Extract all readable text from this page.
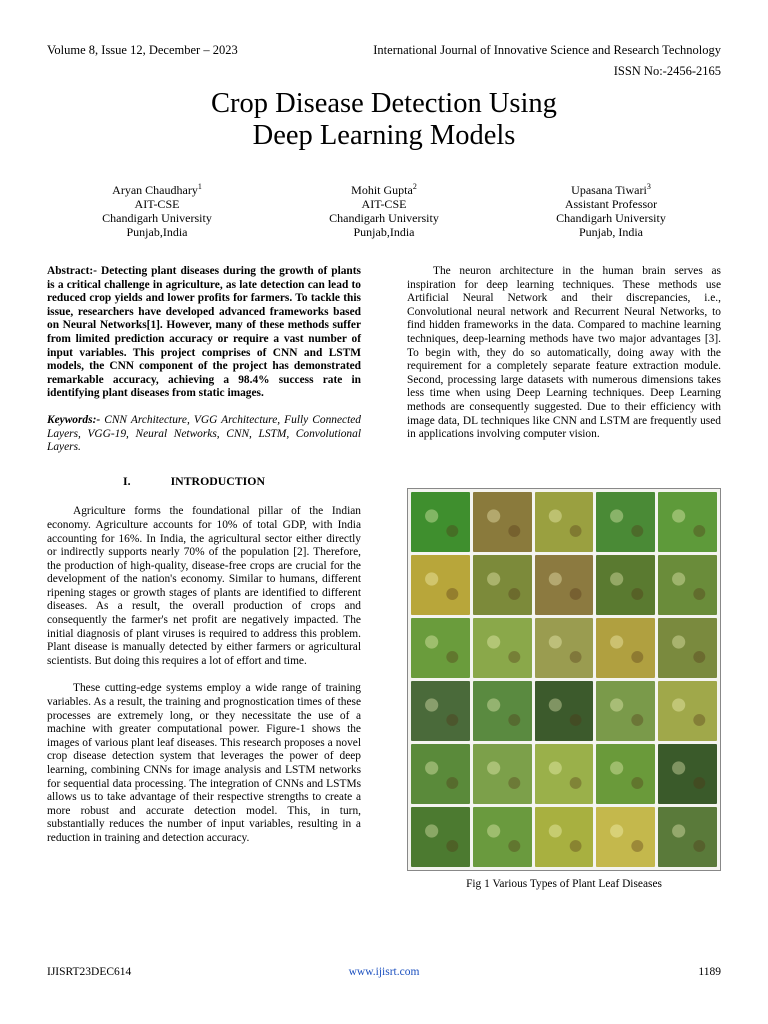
Volume 8, Issue 12, December – 2023	International Journal of Innovative Science and Research Technology
ISSN No:-2456-2165
Crop Disease Detection Using
Deep Learning Models
Aryan Chaudhary$^1$
AIT-CSE
Chandigarh University
Punjab,India
Mohit Gupta$^2$
AIT-CSE
Chandigarh University
Punjab,India
Upasana Tiwari$^3$
Assistant Professor
Chandigarh University
Punjab, India

Abstract:- Detecting plant diseases during the growth of plants is a critical challenge in agriculture, as late detection can lead to reduced crop yields and lower profits for farmers. To tackle this issue, researchers have developed advanced frameworks based on Neural Networks[1]. However, many of these methods suffer from limited prediction accuracy or require a vast number of input variables. This project comprises of CNN and LSTM models, the CNN component of the project has demonstrated remarkable accuracy, achieving a 98.4% success rate in identifying plant diseases from static images.

Keywords:- CNN Architecture, VGG Architecture, Fully Connected Layers, VGG-19, Neural Networks, CNN, LSTM, Convolutional Layers.

I.	INTRODUCTION

Agriculture forms the foundational pillar of the Indian economy. Agriculture accounts for 10% of total GDP, with India accounting for 16%. In India, the agricultural sector either directly or indirectly supports nearly 70% of the population [2]. Therefore, the production of high-quality, disease-free crops are crucial for the development of the nation's economy. Similar to humans, different ripening stages or growth stages of plants are identified to different diseases. As a result, the overall production of crops and consequently the farmer's net profit are negatively impacted. The initial diagnosis of plant viruses is required to address this problem. Plant disease is manually detected by either farmers or agricultural scientists. But doing this requires a lot of effort and time.

These cutting-edge systems employ a wide range of training variables. As a result, the training and prognostication times of these processes are extremely long, or they necessitate the use of a machine with greater computational power. Figure-1 shows the images of various plant leaf diseases. This research proposes a novel crop disease detection system that leverages the power of deep learning, combining CNNs for image analysis and LSTM networks for sequential data processing. The integration of CNNs and LSTMs allows us to take advantage of their respective strengths to create a more robust and accurate detection model. This, in turn, substantially reduces the number of input variables, resulting in a reduction in training and detection accuracy.

The neuron architecture in the human brain serves as inspiration for deep learning techniques. These methods use Artificial Neural Network and their discrepancies, i.e., Convolutional neural network and Recurrent Neural Networks, to find hidden frameworks in the data. Compared to machine learning techniques, deep-learning methods have two major advantages [3]. To begin with, they do so automatically, doing away with the requirement for a completely separate feature extraction module. Second, processing large datasets with numerous dimensions takes less time when using Deep Learning techniques. Deep Learning methods are consequently suggested. Due to their efficiency with image data, DL techniques like CNN and LSTM are frequently used in applications involving computer vision.

Fig 1 Various Types of Plant Leaf Diseases
IJISRT23DEC614	www.ijisrt.com	1189
